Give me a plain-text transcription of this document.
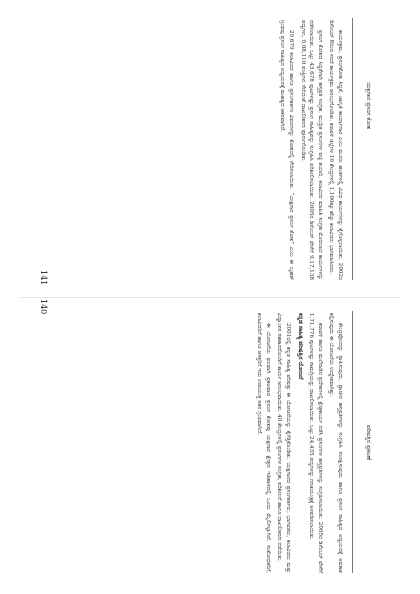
ಯಕ್ಷಗಾನ ಪ್ರಸಂಗ ಕೋಶ

ಕಾರ್ಯಕ್ರಮ, ಪ್ರಸಂಗಕೋಶ ಸಿದ್ಧತೆ, ಜಾಗೃತಿ ಕಾರ್ಯಾಗಾರ ಎಂಬ ಮೂರು ಹಂತಗಳಲ್ಲಿ ವಿವಿಧ ಕಾರ್ಯಗಳನ್ನು ಕೈಗೊಳ್ಳಲಾಯಿತು. 2002ರ ಡಿಸೆಂಬರ್ 8ರಿಂದ ಸರಣಿ ಕಾರ್ಯಕ್ರಮ ಆರಂಭಗೊಂಡಿತು. ಕರಾವಳಿ ಜಿಲ್ಲೆಗಳ 10 ಕೇಂದ್ರಗಳಲ್ಲಿ 1,100ಕ್ಕೂ ಹೆಚ್ಚು ಕಲಾವಿದರು ಭಾಗವಹಿಸಿದರು.

ಪ್ರಸಂಗ ಕೋಶದ ಸಿದ್ಧತೆಗಾಗಿ ಹಸ್ತಪ್ರತಿ ಸಂಗ್ರಹ, ಮುದ್ರಿತ ಪ್ರಸಂಗಗಳ ಪಟ್ಟಿ ತಯಾರಿ, ಕಲಾವಿದರ ಮಾಹಿತಿ ಸಂಗ್ರಹ ಮೊದಲಾದ ಕಾರ್ಯಗಳನ್ನು ನಡೆಸಲಾಯಿತು. ಒಟ್ಟು 43,678 ಪುಟಗಳಷ್ಟು ಪ್ರಸಂಗ ಸಾಹಿತ್ಯವನ್ನು ಸಂಗ್ರಹಿಸಿ ಪರಿಶೀಲಿಸಲಾಯಿತು. 2005ರ ಡಿಸೆಂಬರ್ ವೇಳೆಗೆ 9,17,138 ಪದ್ಯಗಳು, 9,08,110 ಪಂಕ್ತಿಗಳು ಸೇರಿದಂತೆ ದಾಖಲೀಕರಣ ಪೂರ್ಣಗೊಂಡಿತು.

29,679 ಕಲಾವಿದರ ಹಾಗೂ ಪ್ರಸಂಗಕರ್ತರ ವಿವರಗಳನ್ನು ಕೋಶದಲ್ಲಿ ಸೇರಿಸಲಾಯಿತು. “ಯಕ್ಷಗಾನ ಪ್ರಸಂಗ ಕೋಶ” ಎಂಬ ಈ ಬೃಹತ್ ಗ್ರಂಥವು ಪ್ರಸಂಗ ಸಾಹಿತ್ಯದ ಅಧ್ಯಯನಕ್ಕೆ ಮಹತ್ವದ ಆಕರವಾಗಿದೆ.

141
ಪರಿಷತ್ತಿನ ಪ್ರಕಟಣೆ

ಕೇಂದ್ರವೊಂದನ್ನು ಸ್ಥಾಪಿಸುವುದು, ಪ್ರಾಚೀನ ಹಸ್ತಪ್ರತಿಗಳನ್ನು ಸಂಗ್ರಹಿಸಿ ಸಂರಕ್ಷಿಸುವುದು ಹಾಗೂ ಪ್ರಸಂಗ ಸಾಹಿತ್ಯದ ಅಧ್ಯಯನಕ್ಕೆ ಅವಕಾಶ ಕಲ್ಪಿಸುವುದು ಈ ಯೋಜನೆಯ ಉದ್ದೇಶವಾಗಿತ್ತು.

ಕರಾವಳಿ ಹಾಗೂ ಮಲೆನಾಡಿನ ಪ್ರದೇಶಗಳಲ್ಲಿ ಕ್ಷೇತ್ರಕಾರ್ಯ ನಡೆಸಿ ಪ್ರಸಂಗಗಳ ಹಸ್ತಪ್ರತಿಗಳನ್ನು ಸಂಗ್ರಹಿಸಲಾಯಿತು. 2005ರ ಡಿಸೆಂಬರ್ ವೇಳೆಗೆ 1,71,776 ಪುಟಗಳಷ್ಟು ಸಾಮಗ್ರಿಯನ್ನು ದಾಖಲಿಸಲಾಯಿತು. ಒಟ್ಟು 24,435 ಪದ್ಯಗಳನ್ನು ಗಣಕಯಂತ್ರಕ್ಕೆ ಅಳವಡಿಸಲಾಯಿತು.

ಕನ್ನಡ ಸಾಹಿತ್ಯ ಪರಿಷತ್ತಿನ ಯೋಜನೆ

2001ರಲ್ಲಿ ಕನ್ನಡ ಸಾಹಿತ್ಯ ಪರಿಷತ್ತು ಈ ಯೋಜನೆಯನ್ನು ಕೈಗೆತ್ತಿಕೊಂಡಿತು. ಯಕ್ಷಗಾನದ ಪ್ರಸಂಗಕರ್ತರು, ಭಾಗವತರು, ಕಲಾವಿದರು ಮತ್ತು ವಿದ್ವಾಂಸರ ಸಹಕಾರದೊಂದಿಗೆ ಕಾರ್ಯ ಆರಂಭವಾಯಿತು. 40 ಕೇಂದ್ರಗಳಲ್ಲಿ ಪ್ರಸಂಗಗಳ ಸಂಗ್ರಹ, ಪರಿಶೀಲನೆ ಹಾಗೂ ದಾಖಲೀಕರಣ ನಡೆಯಿತು.

ಈ ಯೋಜನೆಯ ಫಲವಾಗಿ ಪ್ರಕಟವಾದ ಪ್ರಸಂಗ ಕೋಶವು ಯಕ್ಷಗಾನ ಕ್ಷೇತ್ರದ ಇತಿಹಾಸದಲ್ಲಿ ಒಂದು ಮೈಲಿಗಲ್ಲಾಗಿದೆ. ಸಂಶೋಧಕರಿಗೆ, ಕಲಾವಿದರಿಗೆ ಹಾಗೂ ಆಸಕ್ತರಿಗೆ ಇದು ಉಪಯುಕ್ತ ಆಕರ ಗ್ರಂಥವಾಗಿದೆ.

140
